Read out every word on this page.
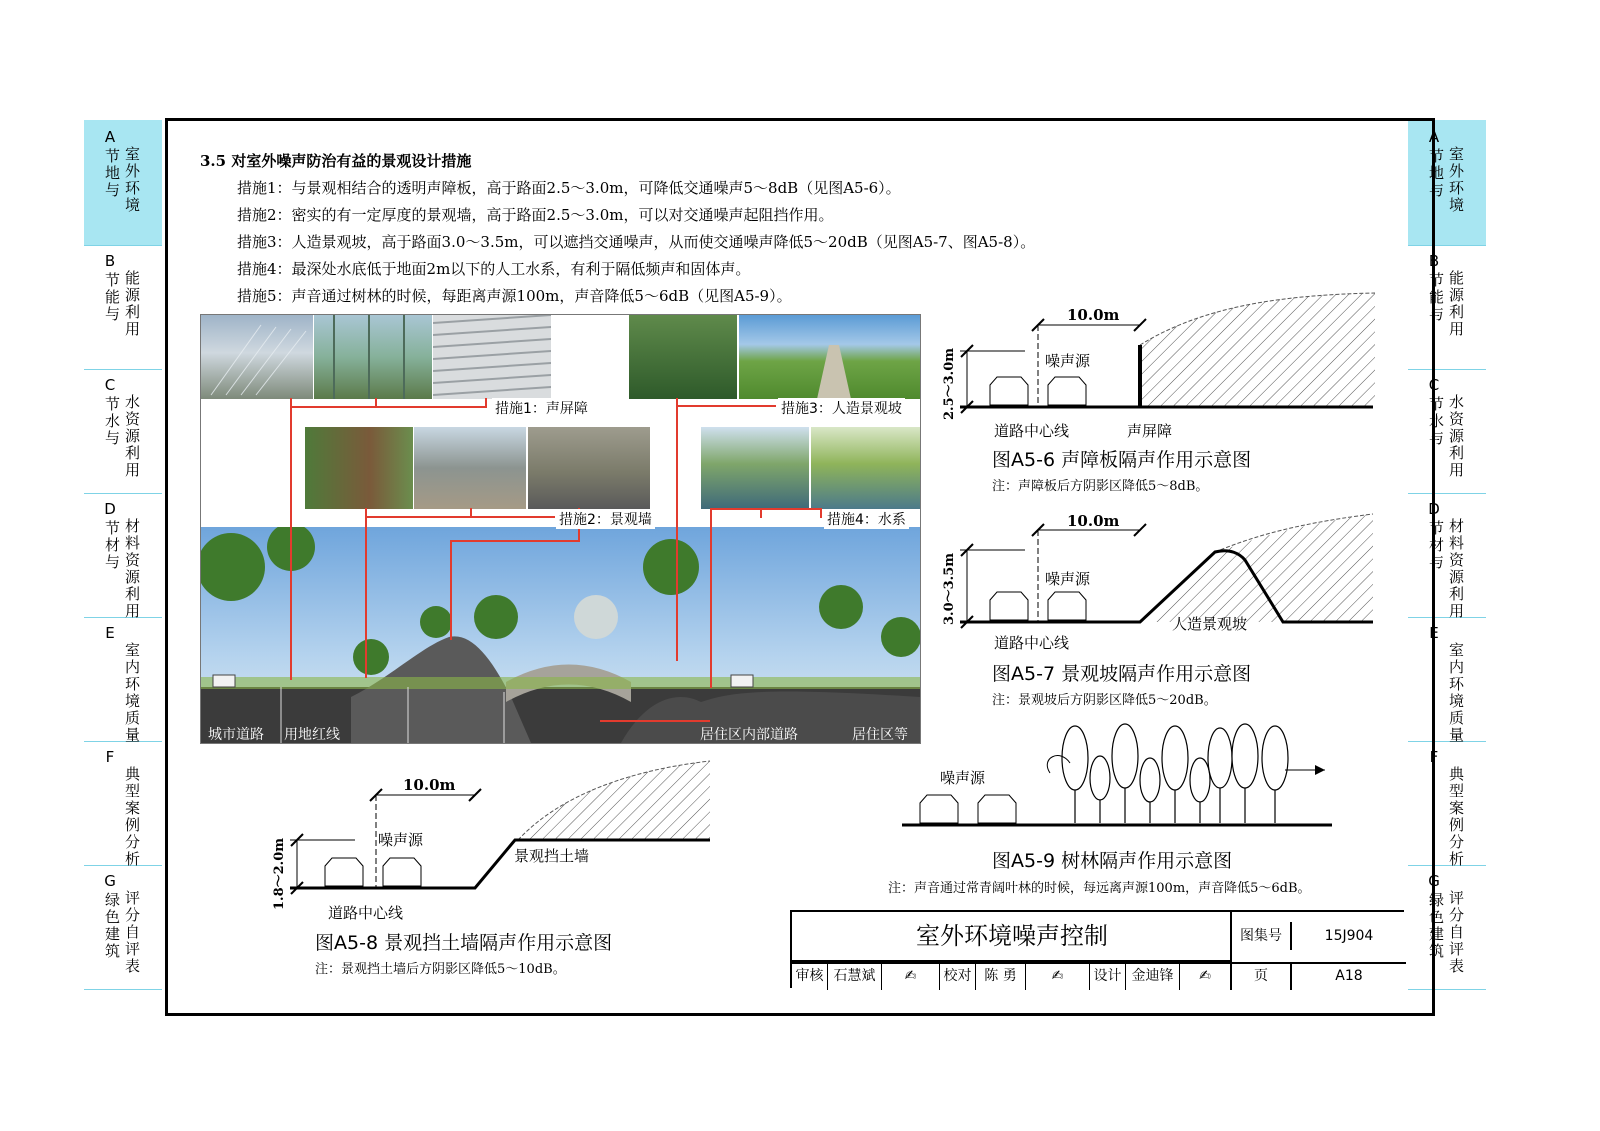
A
节地与
室外环境
B
节能与
能源利用
C
节水与
水资源利用
D
节材与
材料资源利用
E
室内环境质量
F
典型案例分析
G
绿色建筑
评分自评表
A
节地与
室外环境
B
节能与
能源利用
C
节水与
水资源利用
D
节材与
材料资源利用
E
室内环境质量
F
典型案例分析
G
绿色建筑
评分自评表
3.5 对室外噪声防治有益的景观设计措施
措施1：与景观相结合的透明声障板，高于路面2.5～3.0m，可降低交通噪声5～8dB（见图A5-6）。
措施2：密实的有一定厚度的景观墙，高于路面2.5～3.0m，可以对交通噪声起阻挡作用。
措施3：人造景观坡，高于路面3.0～3.5m，可以遮挡交通噪声，从而使交通噪声降低5～20dB（见图A5-7、图A5-8）。
措施4：最深处水底低于地面2m以下的人工水系，有利于隔低频声和固体声。
措施5：声音通过树林的时候，每距离声源100m，声音降低5～6dB（见图A5-9）。
措施1：声屏障	措施3：人造景观坡
措施2：景观墙	措施4：水系
城市道路 用地红线	居住区内部道路	居住区等
10.0m
2.5～3.0m	噪声源
道路中心线	声屏障
图A5-6 声障板隔声作用示意图
注：声障板后方阴影区降低5～8dB。
10.0m
3.0～3.5m	噪声源
道路中心线
人造景观坡
图A5-7 景观坡隔声作用示意图
注：景观坡后方阴影区降低5～20dB。
10.0m
1.8～2.0m	噪声源
景观挡土墙
道路中心线
图A5-8 景观挡土墙隔声作用示意图
注：景观挡土墙后方阴影区降低5～10dB。
噪声源
图A5-9 树林隔声作用示意图
注：声音通过常青阔叶林的时候，每远离声源100m，声音降低5～6dB。
室外环境噪声控制	图集号	15J904
审核 石慧斌	✍	校对 陈 勇	✍	设计 金迪锋	✍	页	A18
